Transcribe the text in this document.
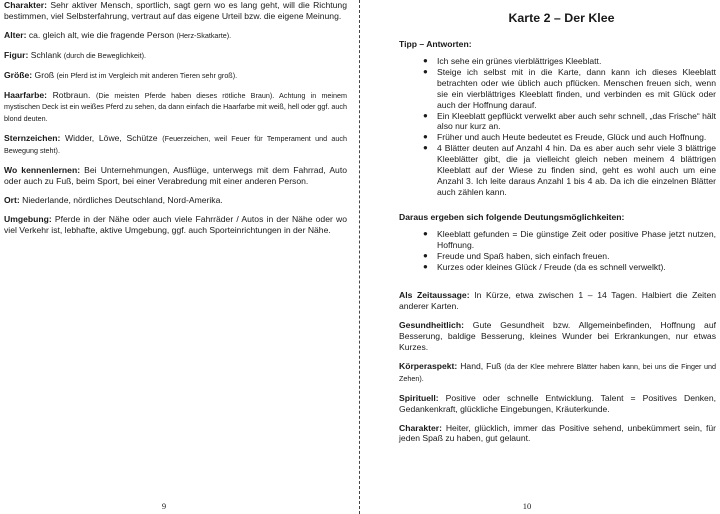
Charakter: Sehr aktiver Mensch, sportlich, sagt gern wo es lang geht, will die Richtung bestimmen, viel Selbsterfahrung, vertraut auf das eigene Urteil bzw. die eigene Meinung.

Alter: ca. gleich alt, wie die fragende Person (Herz-Skatkarte).

Figur: Schlank (durch die Beweglichkeit).

Größe: Groß (ein Pferd ist im Vergleich mit anderen Tieren sehr groß).

Haarfarbe: Rotbraun. (Die meisten Pferde haben dieses rötliche Braun). Achtung in meinem mystischen Deck ist ein weißes Pferd zu sehen, da dann einfach die Haarfarbe mit weiß, hell oder ggf. auch blond deuten.

Sternzeichen: Widder, Löwe, Schütze (Feuerzeichen, weil Feuer für Temperament und auch Bewegung steht).

Wo kennenlernen: Bei Unternehmungen, Ausflüge, unterwegs mit dem Fahrrad, Auto oder auch zu Fuß, beim Sport, bei einer Verabredung mit einer anderen Person.

Ort: Niederlande, nördliches Deutschland, Nord-Amerika.

Umgebung: Pferde in der Nähe oder auch viele Fahrräder / Autos in der Nähe oder wo viel Verkehr ist, lebhafte, aktive Umgebung, ggf. auch Sporteinrichtungen in der Nähe.

9
Karte 2 – Der Klee
Tipp – Antworten:
● Ich sehe ein grünes vierblättriges Kleeblatt.
● Steige ich selbst mit in die Karte, dann kann ich dieses Kleeblatt betrachten oder wie üblich auch pflücken. Menschen freuen sich, wenn sie ein vierblättriges Kleeblatt finden, und verbinden es mit Glück oder auch der Hoffnung darauf.
● Ein Kleeblatt gepflückt verwelkt aber auch sehr schnell, „das Frische“ hält also nur kurz an.
● Früher und auch Heute bedeutet es Freude, Glück und auch Hoffnung.
● 4 Blätter deuten auf Anzahl 4 hin. Da es aber auch sehr viele 3 blättrige Kleeblätter gibt, die ja vielleicht gleich neben meinem 4 blättrigen Kleeblatt auf der Wiese zu finden sind, geht es wohl auch um eine Anzahl 3. Ich leite daraus Anzahl 1 bis 4 ab. Da ich die einzelnen Blätter auch zählen kann.
Daraus ergeben sich folgende Deutungsmöglichkeiten:
● Kleeblatt gefunden = Die günstige Zeit oder positive Phase jetzt nutzen, Hoffnung.
● Freude und Spaß haben, sich einfach freuen.
● Kurzes oder kleines Glück / Freude (da es schnell verwelkt).

Als Zeitaussage: In Kürze, etwa zwischen 1 – 14 Tagen. Halbiert die Zeiten anderer Karten.

Gesundheitlich: Gute Gesundheit bzw. Allgemeinbefinden, Hoffnung auf Besserung, baldige Besserung, kleines Wunder bei Erkrankungen, nur etwas Kurzes.

Körperaspekt: Hand, Fuß (da der Klee mehrere Blätter haben kann, bei uns die Finger und Zehen).

Spirituell: Positive oder schnelle Entwicklung. Talent = Positives Denken, Gedankenkraft, glückliche Eingebungen, Kräuterkunde.

Charakter: Heiter, glücklich, immer das Positive sehend, unbekümmert sein, für jeden Spaß zu haben, gut gelaunt.

10
